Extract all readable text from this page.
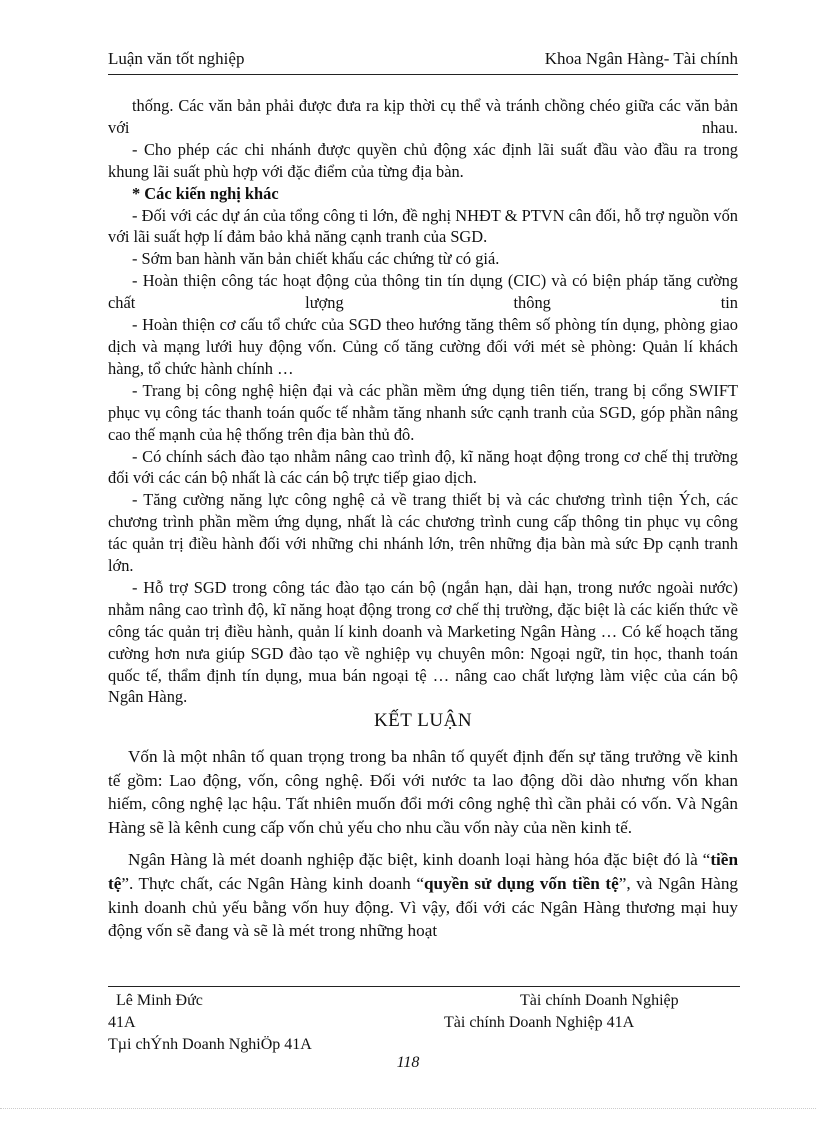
Luận văn tốt nghiệp	Khoa Ngân Hàng- Tài chính

thống. Các văn bản phải được đưa ra kịp thời cụ thể và tránh chồng chéo giữa các văn bản với nhau.

- Cho phép các chi nhánh được quyền chủ động xác định lãi suất đầu vào đầu ra trong khung lãi suất phù hợp với đặc điểm của từng địa bàn.

* Các kiến nghị khác

- Đối với các dự án của tổng công ti lớn, đề nghị NHĐT & PTVN cân đối, hỗ trợ nguồn vốn với lãi suất hợp lí đảm bảo khả năng cạnh tranh của SGD.

- Sớm ban hành văn bản chiết khấu các chứng từ có giá.

- Hoàn thiện công tác hoạt động của thông tin tín dụng (CIC) và có biện pháp tăng cường chất lượng thông tin

- Hoàn thiện cơ cấu tổ chức của SGD theo hướng tăng thêm số phòng tín dụng, phòng giao dịch và mạng lưới huy động vốn. Củng cố tăng cường đối với mét sè phòng: Quản lí khách hàng, tổ chức hành chính …

- Trang bị công nghệ hiện đại và các phần mềm ứng dụng tiên tiến, trang bị cổng SWIFT phục vụ công tác thanh toán quốc tế nhằm tăng nhanh sức cạnh tranh của SGD, góp phần nâng cao thế mạnh của hệ thống trên địa bàn thủ đô.

- Có chính sách đào tạo nhằm nâng cao trình độ, kĩ năng hoạt động trong cơ chế thị trường đối với các cán bộ nhất là các cán bộ trực tiếp giao dịch.

- Tăng cường năng lực công nghệ cả về trang thiết bị và các chương trình tiện Ých, các chương trình phần mềm ứng dụng, nhất là các chương trình cung cấp thông tin phục vụ công tác quản trị điều hành đối với những chi nhánh lớn, trên những địa bàn mà sức Ðp cạnh tranh lớn.

- Hỗ trợ SGD trong công tác đào tạo cán bộ (ngắn hạn, dài hạn, trong nước ngoài nước) nhằm nâng cao trình độ, kĩ năng hoạt động trong cơ chế thị trường, đặc biệt là các kiến thức về công tác quản trị điều hành, quản lí kinh doanh và Marketing Ngân Hàng … Có kế hoạch tăng cường hơn nưa giúp SGD đào tạo về nghiệp vụ chuyên môn: Ngoại ngữ, tin học, thanh toán quốc tế, thẩm định tín dụng, mua bán ngoại tệ … nâng cao chất lượng làm việc của cán bộ Ngân Hàng.

KẾT LUẬN

Vốn là một nhân tố quan trọng trong ba nhân tố quyết định đến sự tăng trưởng về kinh tế gồm: Lao động, vốn, công nghệ. Đối với nước ta lao động dồi dào nhưng vốn khan hiếm, công nghệ lạc hậu. Tất nhiên muốn đổi mới công nghệ thì cần phải có vốn. Và Ngân Hàng sẽ là kênh cung cấp vốn chủ yếu cho nhu cầu vốn này của nền kinh tế.

Ngân Hàng là mét doanh nghiệp đặc biệt, kinh doanh loại hàng hóa đặc biệt đó là “tiền tệ”. Thực chất, các Ngân Hàng kinh doanh “quyền sử dụng vốn tiền tệ”, và Ngân Hàng kinh doanh chủ yếu bằng vốn huy động. Vì vậy, đối với các Ngân Hàng thương mại huy động vốn sẽ đang và sẽ là mét trong những hoạt

Lê Minh Đức	Tài chính Doanh Nghiệp
41A	Tài chính Doanh Nghiệp 41A
Tµi chÝnh Doanh NghiÖp 41A
118
